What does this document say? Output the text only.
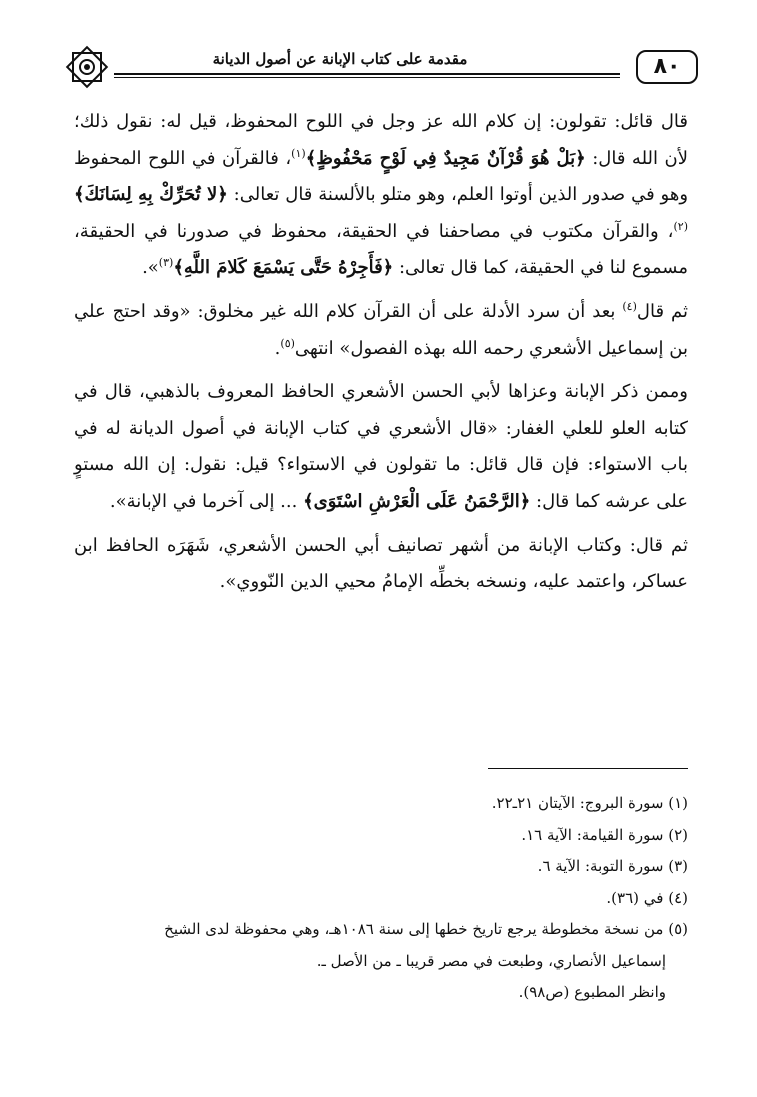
مقدمة على كتاب الإبانة عن أصول الديانة	٨٠

قال قائل: تقولون: إن كلام الله عز وجل في اللوح المحفوظ، قيل له: نقول ذلك؛ لأن الله قال: ﴿بَلْ هُوَ قُرْآنٌ مَجِيدٌ فِي لَوْحٍ مَحْفُوظٍ﴾$^{(١)}$، فالقرآن في اللوح المحفوظ وهو في صدور الذين أوتوا العلم، وهو متلو بالألسنة قال تعالى: ﴿لا تُحَرِّكْ بِهِ لِسَانَكَ﴾$^{(٢)}$، والقرآن مكتوب في مصاحفنا في الحقيقة، محفوظ في صدورنا في الحقيقة، مسموع لنا في الحقيقة، كما قال تعالى: ﴿فَأَجِرْهُ حَتَّى يَسْمَعَ كَلامَ اللَّهِ﴾$^{(٣)}$».

ثم قال$^{(٤)}$ بعد أن سرد الأدلة على أن القرآن كلام الله غير مخلوق: «وقد احتج علي بن إسماعيل الأشعري رحمه الله بهذه الفصول» انتهى$^{(٥)}$.

وممن ذكر الإبانة وعزاها لأبي الحسن الأشعري الحافظ المعروف بالذهبي، قال في كتابه العلو للعلي الغفار: «قال الأشعري في كتاب الإبانة في أصول الديانة له في باب الاستواء: فإن قال قائل: ما تقولون في الاستواء؟ قيل: نقول: إن الله مستوٍ على عرشه كما قال: ﴿الرَّحْمَنُ عَلَى الْعَرْشِ اسْتَوَى﴾ ... إلى آخرما في الإبانة».

ثم قال: وكتاب الإبانة من أشهر تصانيف أبي الحسن الأشعري، شَهَرَه الحافظ ابن عساكر، واعتمد عليه، ونسخه بخطِّه الإمامُ محيي الدين النّووي».

(١) سورة البروج: الآيتان ٢١ـ٢٢.

(٢) سورة القيامة: الآية ١٦.

(٣) سورة التوبة: الآية ٦.

(٤) في (٣٦).

(٥) من نسخة مخطوطة يرجع تاريخ خطها إلى سنة ١٠٨٦هـ، وهي محفوظة لدى الشيخ

إسماعيل الأنصاري، وطبعت في مصر قريبا ـ من الأصل ـ.

وانظر المطبوع (ص٩٨).
